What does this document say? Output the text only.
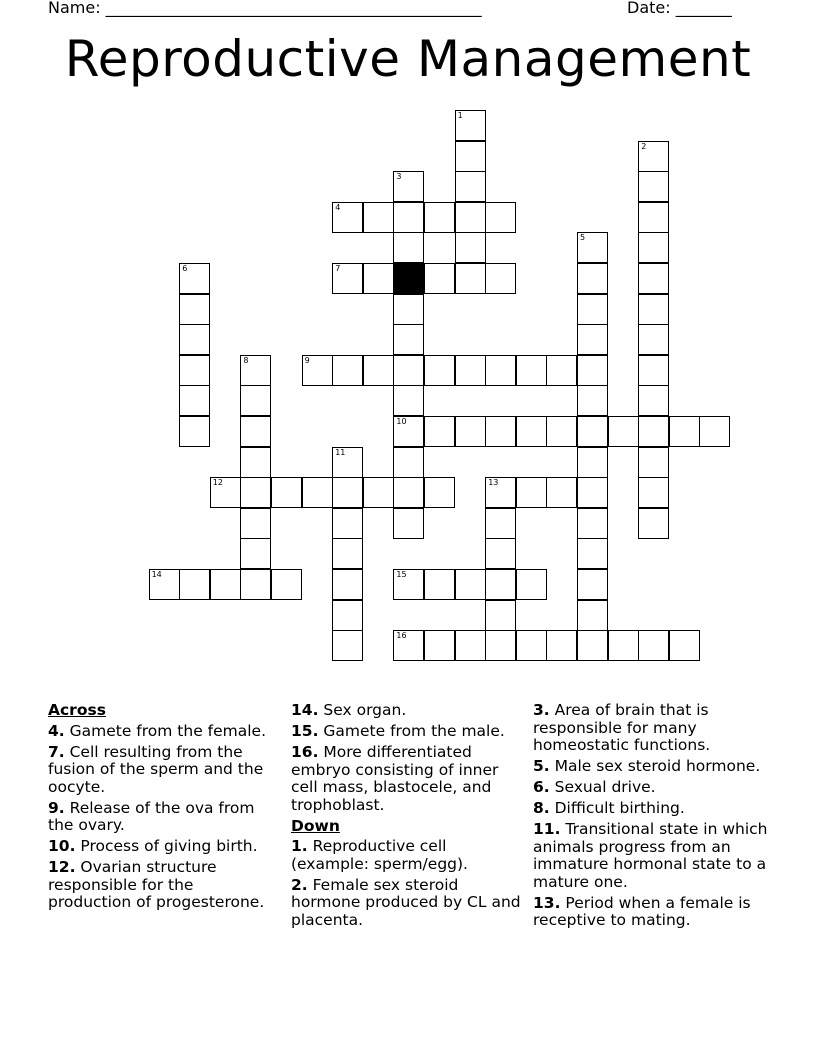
Name: _______________________________________________	Date: _______
Reproductive Management
1
2
3
10
4
5
6	7
8	9
11
12	13
14	15
16
Across
4. Gamete from the female.
7. Cell resulting from the fusion of the sperm and the oocyte.
9. Release of the ova from the ovary.
10. Process of giving birth.
12. Ovarian structure responsible for the production of progesterone.
14. Sex organ.
15. Gamete from the male.
16. More differentiated embryo consisting of inner cell mass, blastocele, and trophoblast.
Down
1. Reproductive cell (example: sperm/egg).
2. Female sex steroid hormone produced by CL and placenta.
3. Area of brain that is responsible for many homeostatic functions.
5. Male sex steroid hormone.
6. Sexual drive.
8. Difficult birthing.
11. Transitional state in which animals progress from an immature hormonal state to a mature one.
13. Period when a female is receptive to mating.
